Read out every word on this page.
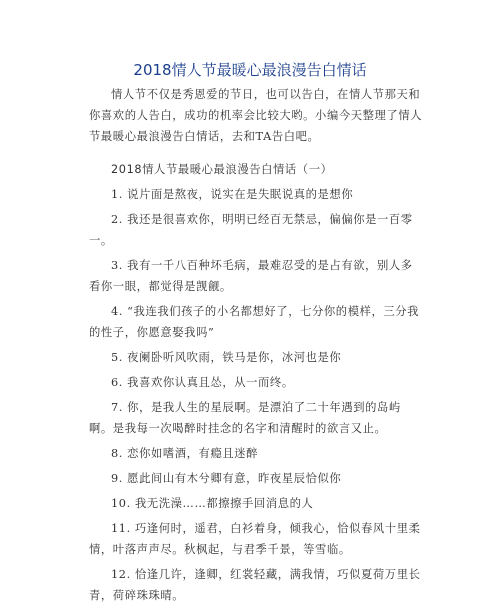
2018情人节最暖心最浪漫告白情话

情人节不仅是秀恩爱的节日，也可以告白，在情人节那天和你喜欢的人告白，成功的机率会比较大哟。小编今天整理了情人节最暖心最浪漫告白情话，去和TA告白吧。

2018情人节最暖心最浪漫告白情话（一）

1. 说片面是熬夜，说实在是失眠说真的是想你

2. 我还是很喜欢你，明明已经百无禁忌，偏偏你是一百零一。

3. 我有一千八百种坏毛病，最难忍受的是占有欲，别人多看你一眼，都觉得是觊觎。

4. “我连我们孩子的小名都想好了，七分你的模样，三分我的性子，你愿意娶我吗”

5. 夜阑卧听风吹雨，铁马是你，冰河也是你

6. 我喜欢你认真且怂，从一而终。

7. 你，是我人生的星辰啊。是漂泊了二十年遇到的岛屿啊。是我每一次喝醉时挂念的名字和清醒时的欲言又止。

8. 恋你如嗜酒，有瘾且迷醉

9. 愿此间山有木兮卿有意，昨夜星辰恰似你

10. 我无洗澡……都擦擦手回消息的人

11. 巧逢何时，遥君，白衫着身，倾我心，恰似春风十里柔情，叶落声声尽。秋枫起，与君季千景，等雪临。

12. 恰逢几许，逢卿，红裳轻藏，满我情，巧似夏荷万里长青，荷碎珠珠晴。
